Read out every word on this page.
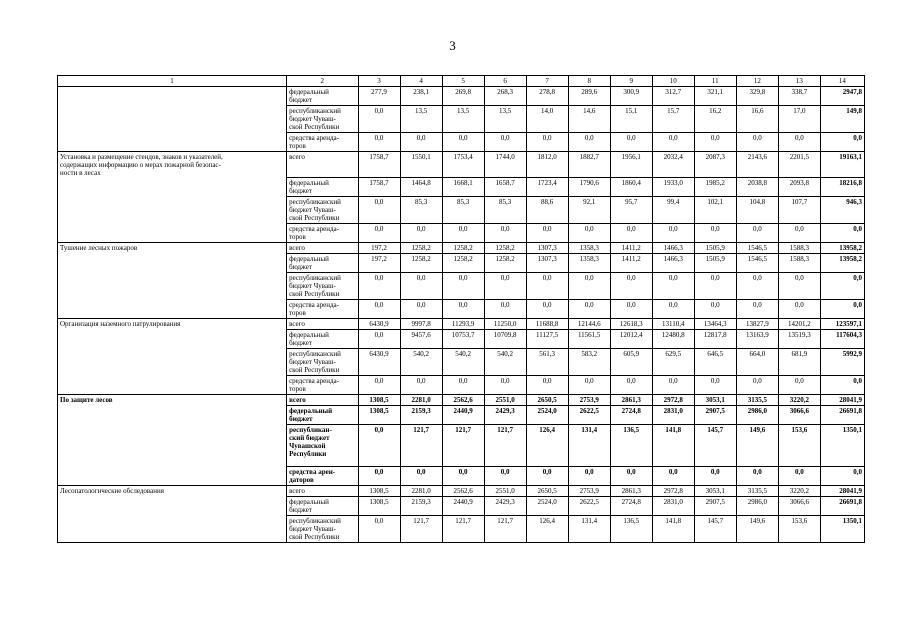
3
1	2	3	4	5	6	7	8	9	10	11	12	13	14
	федеральный
бюджет	277,9	238,1	269,8	268,3	278,8	289,6	300,9	312,7	321,1	329,8	338,7	2947,8
	республиканский
бюджет Чуваш-
ской Республики	0,0	13,5	13,5	13,5	14,0	14,6	15,1	15,7	16,2	16,6	17,0	149,8
	средства аренда-
торов	0,0	0,0	0,0	0,0	0,0	0,0	0,0	0,0	0,0	0,0	0,0	0,0
Установка и размещение стендов, знаков и указателей,
содержащих информацию о мерах пожарной безопас-
ности в лесах	всего	1758,7	1550,1	1753,4	1744,0	1812,0	1882,7	1956,1	2032,4	2087,3	2143,6	2201,5	19163,1
	федеральный
бюджет	1758,7	1464,8	1668,1	1658,7	1723,4	1790,6	1860,4	1933,0	1985,2	2038,8	2093,8	18216,8
	республиканский
бюджет Чуваш-
ской Республики	0,0	85,3	85,3	85,3	88,6	92,1	95,7	99,4	102,1	104,8	107,7	946,3
	средства аренда-
торов	0,0	0,0	0,0	0,0	0,0	0,0	0,0	0,0	0,0	0,0	0,0	0,0
Тушение лесных пожаров	всего	197,2	1258,2	1258,2	1258,2	1307,3	1358,3	1411,2	1466,3	1505,9	1546,5	1588,3	13958,2
	федеральный
бюджет	197,2	1258,2	1258,2	1258,2	1307,3	1358,3	1411,2	1466,3	1505,9	1546,5	1588,3	13958,2
	республиканский
бюджет Чуваш-
ской Республики	0,0	0,0	0,0	0,0	0,0	0,0	0,0	0,0	0,0	0,0	0,0	0,0
	средства аренда-
торов	0,0	0,0	0,0	0,0	0,0	0,0	0,0	0,0	0,0	0,0	0,0	0,0
Организация наземного патрулирования	всего	6430,9	9997,8	11293,9	11250,0	11688,8	12144,6	12618,3	13110,4	13464,3	13827,9	14201,2	123597,1
	федеральный
бюджет	0,0	9457,6	10753,7	10709,8	11127,5	11561,5	12012,4	12480,8	12817,8	13163,9	13519,3	117604,3
	республиканский
бюджет Чуваш-
ской Республики	6430,9	540,2	540,2	540,2	561,3	583,2	605,9	629,5	646,5	664,0	681,9	5992,9
	средства аренда-
торов	0,0	0,0	0,0	0,0	0,0	0,0	0,0	0,0	0,0	0,0	0,0	0,0
По защите лесов	всего	1308,5	2281,0	2562,6	2551,0	2650,5	2753,9	2861,3	2972,8	3053,1	3135,5	3220,2	28041,9
	федеральный
бюджет	1308,5	2159,3	2440,9	2429,3	2524,0	2622,5	2724,8	2831,0	2907,5	2986,0	3066,6	26691,8
	республикан-
ский бюджет
Чувашской
Республики	0,0	121,7	121,7	121,7	126,4	131,4	136,5	141,8	145,7	149,6	153,6	1350,1
	средства арен-
даторов	0,0	0,0	0,0	0,0	0,0	0,0	0,0	0,0	0,0	0,0	0,0	0,0
Лесопатологические обследования	всего	1308,5	2281,0	2562,6	2551,0	2650,5	2753,9	2861,3	2972,8	3053,1	3135,5	3220,2	28041,9
	федеральный
бюджет	1308,5	2159,3	2440,9	2429,3	2524,0	2622,5	2724,8	2831,0	2907,5	2986,0	3066,6	26691,8
	республиканский
бюджет Чуваш-
ской Республики	0,0	121,7	121,7	121,7	126,4	131,4	136,5	141,8	145,7	149,6	153,6	1350,1
